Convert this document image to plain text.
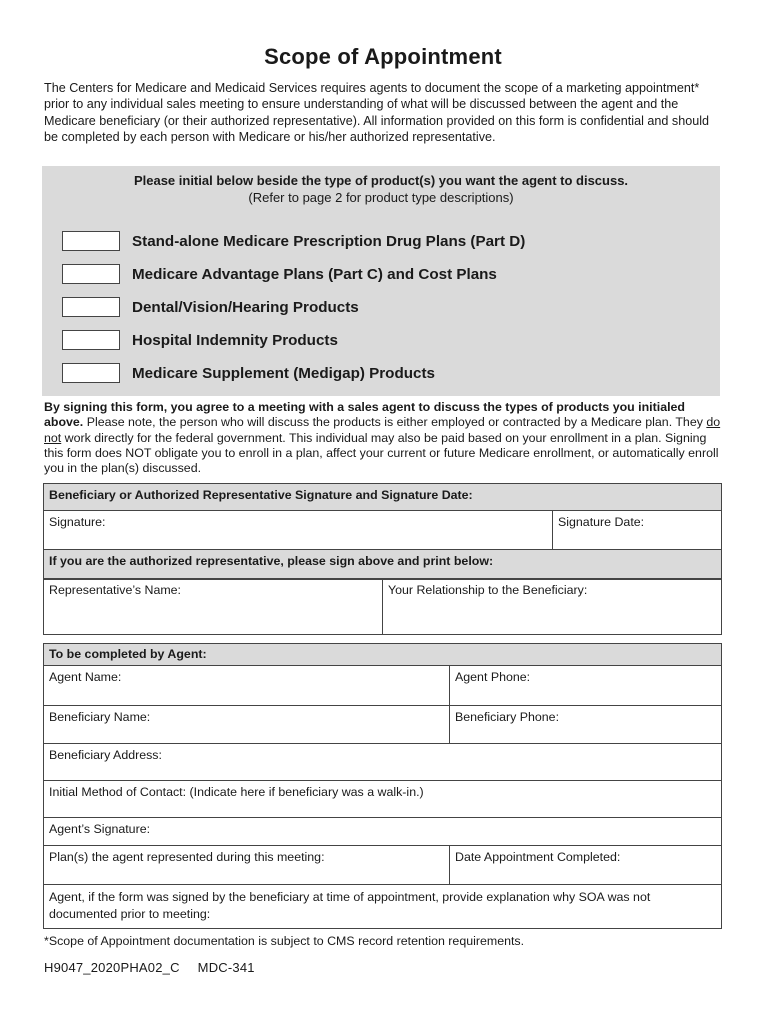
Scope of Appointment
The Centers for Medicare and Medicaid Services requires agents to document the scope of a marketing appointment* prior to any individual sales meeting to ensure understanding of what will be discussed between the agent and the Medicare beneficiary (or their authorized representative). All information provided on this form is confidential and should be completed by each person with Medicare or his/her authorized representative.
Please initial below beside the type of product(s) you want the agent to discuss.
(Refer to page 2 for product type descriptions)
Stand-alone Medicare Prescription Drug Plans (Part D)
Medicare Advantage Plans (Part C) and Cost Plans
Dental/Vision/Hearing Products
Hospital Indemnity Products
Medicare Supplement (Medigap) Products
By signing this form, you agree to a meeting with a sales agent to discuss the types of products you initialed above. Please note, the person who will discuss the products is either employed or contracted by a Medicare plan. They do not work directly for the federal government. This individual may also be paid based on your enrollment in a plan. Signing this form does NOT obligate you to enroll in a plan, affect your current or future Medicare enrollment, or automatically enroll you in the plan(s) discussed.
Beneficiary or Authorized Representative Signature and Signature Date:
Signature:	Signature Date:
If you are the authorized representative, please sign above and print below:
Representative’s Name:	Your Relationship to the Beneficiary:
To be completed by Agent:	
Agent Name:	Agent Phone:
Beneficiary Name:	Beneficiary Phone:
Beneficiary Address:	
Initial Method of Contact: (Indicate here if beneficiary was a walk-in.)	
Agent’s Signature:	
Plan(s) the agent represented during this meeting:	Date Appointment Completed:
Agent, if the form was signed by the beneficiary at time of appointment, provide explanation why SOA was not documented prior to meeting:	
*Scope of Appointment documentation is subject to CMS record retention requirements.
H9047_2020PHA02_C MDC-341
